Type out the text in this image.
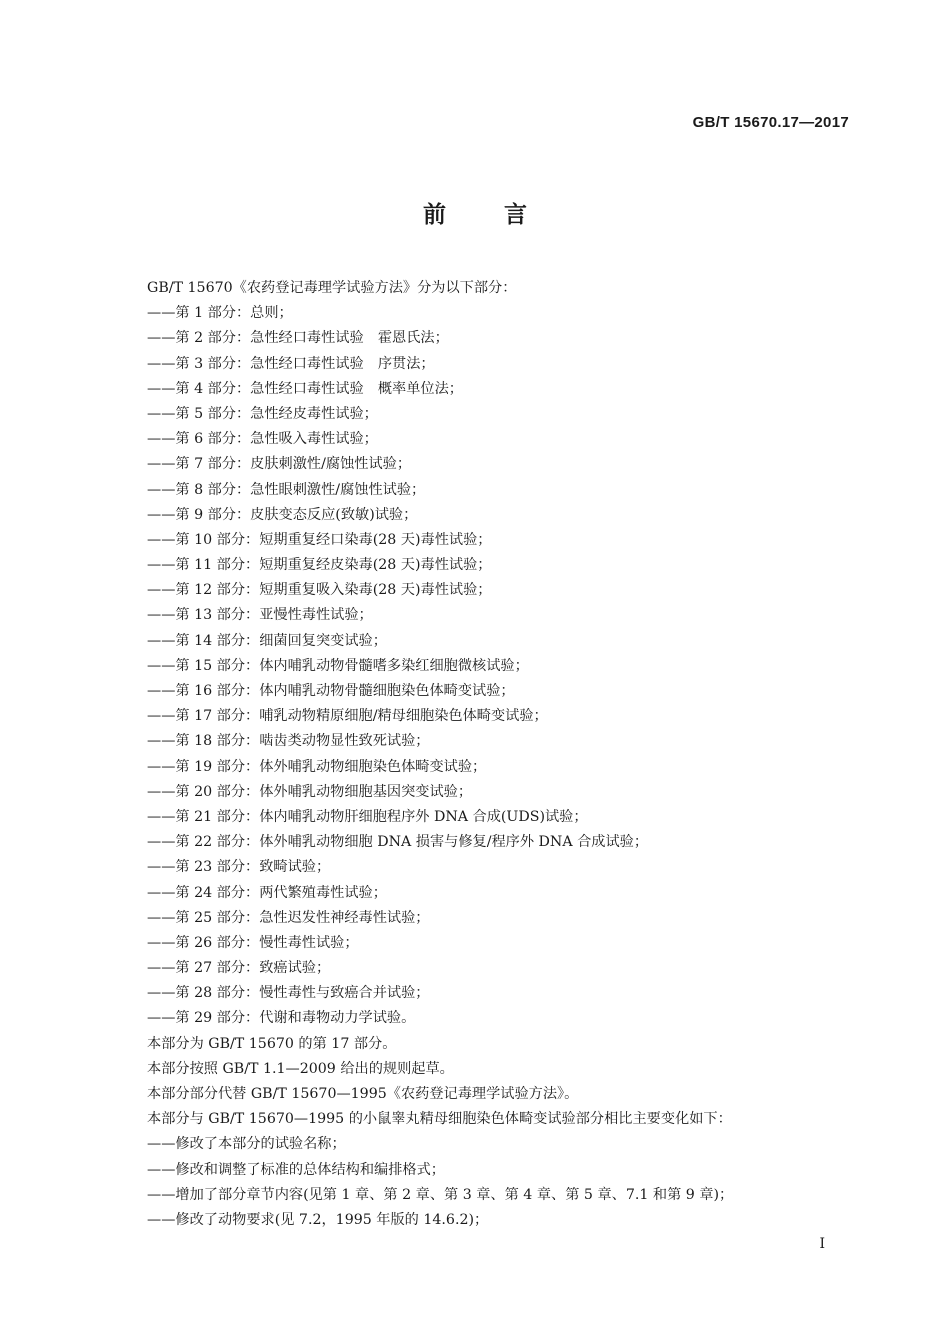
GB/T 15670.17—2017
前言
GB/T 15670《农药登记毒理学试验方法》分为以下部分：
——第 1 部分：总则；
——第 2 部分：急性经口毒性试验　霍恩氏法；
——第 3 部分：急性经口毒性试验　序贯法；
——第 4 部分：急性经口毒性试验　概率单位法；
——第 5 部分：急性经皮毒性试验；
——第 6 部分：急性吸入毒性试验；
——第 7 部分：皮肤刺激性/腐蚀性试验；
——第 8 部分：急性眼刺激性/腐蚀性试验；
——第 9 部分：皮肤变态反应(致敏)试验；
——第 10 部分：短期重复经口染毒(28 天)毒性试验；
——第 11 部分：短期重复经皮染毒(28 天)毒性试验；
——第 12 部分：短期重复吸入染毒(28 天)毒性试验；
——第 13 部分：亚慢性毒性试验；
——第 14 部分：细菌回复突变试验；
——第 15 部分：体内哺乳动物骨髓嗜多染红细胞微核试验；
——第 16 部分：体内哺乳动物骨髓细胞染色体畸变试验；
——第 17 部分：哺乳动物精原细胞/精母细胞染色体畸变试验；
——第 18 部分：啮齿类动物显性致死试验；
——第 19 部分：体外哺乳动物细胞染色体畸变试验；
——第 20 部分：体外哺乳动物细胞基因突变试验；
——第 21 部分：体内哺乳动物肝细胞程序外 DNA 合成(UDS)试验；
——第 22 部分：体外哺乳动物细胞 DNA 损害与修复/程序外 DNA 合成试验；
——第 23 部分：致畸试验；
——第 24 部分：两代繁殖毒性试验；
——第 25 部分：急性迟发性神经毒性试验；
——第 26 部分：慢性毒性试验；
——第 27 部分：致癌试验；
——第 28 部分：慢性毒性与致癌合并试验；
——第 29 部分：代谢和毒物动力学试验。
本部分为 GB/T 15670 的第 17 部分。
本部分按照 GB/T 1.1—2009 给出的规则起草。
本部分部分代替 GB/T 15670—1995《农药登记毒理学试验方法》。
本部分与 GB/T 15670—1995 的小鼠睾丸精母细胞染色体畸变试验部分相比主要变化如下：
——修改了本部分的试验名称；
——修改和调整了标准的总体结构和编排格式；
——增加了部分章节内容(见第 1 章、第 2 章、第 3 章、第 4 章、第 5 章、7.1 和第 9 章)；
——修改了动物要求(见 7.2，1995 年版的 14.6.2)；
I
